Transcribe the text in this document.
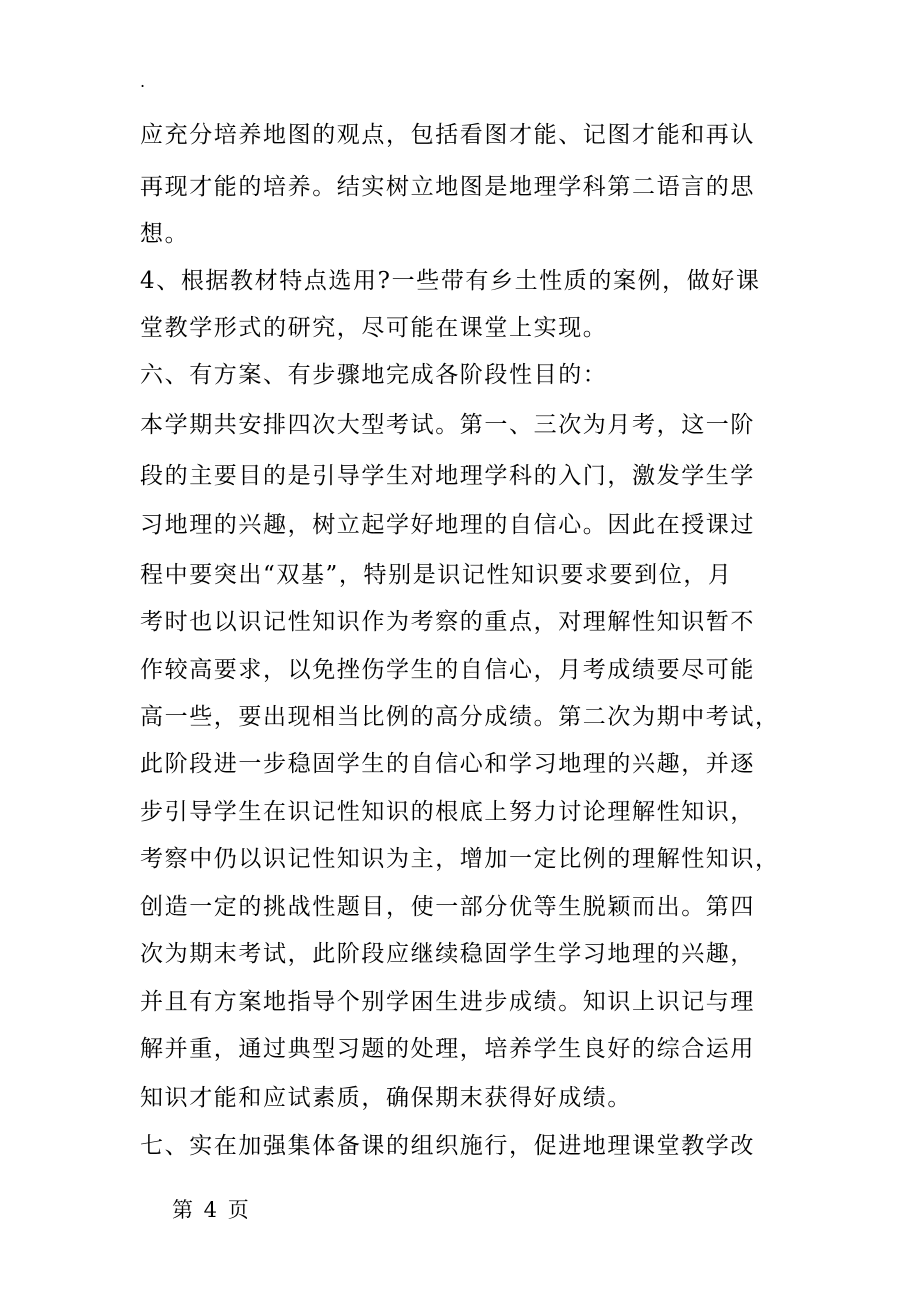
.
应充分培养地图的观点，包括看图才能、记图才能和再认
再现才能的培养。结实树立地图是地理学科第二语言的思
想。
4、根据教材特点选用?一些带有乡土性质的案例，做好课
堂教学形式的研究，尽可能在课堂上实现。
六、有方案、有步骤地完成各阶段性目的：
本学期共安排四次大型考试。第一、三次为月考，这一阶
段的主要目的是引导学生对地理学科的入门，激发学生学
习地理的兴趣，树立起学好地理的自信心。因此在授课过
程中要突出“双基”，特别是识记性知识要求要到位，月
考时也以识记性知识作为考察的重点，对理解性知识暂不
作较高要求，以免挫伤学生的自信心，月考成绩要尽可能
高一些，要出现相当比例的高分成绩。第二次为期中考试，
此阶段进一步稳固学生的自信心和学习地理的兴趣，并逐
步引导学生在识记性知识的根底上努力讨论理解性知识，
考察中仍以识记性知识为主，增加一定比例的理解性知识，
创造一定的挑战性题目，使一部分优等生脱颖而出。第四
次为期末考试，此阶段应继续稳固学生学习地理的兴趣，
并且有方案地指导个别学困生进步成绩。知识上识记与理
解并重，通过典型习题的处理，培养学生良好的综合运用
知识才能和应试素质，确保期末获得好成绩。
七、实在加强集体备课的组织施行，促进地理课堂教学改
第 4 页
